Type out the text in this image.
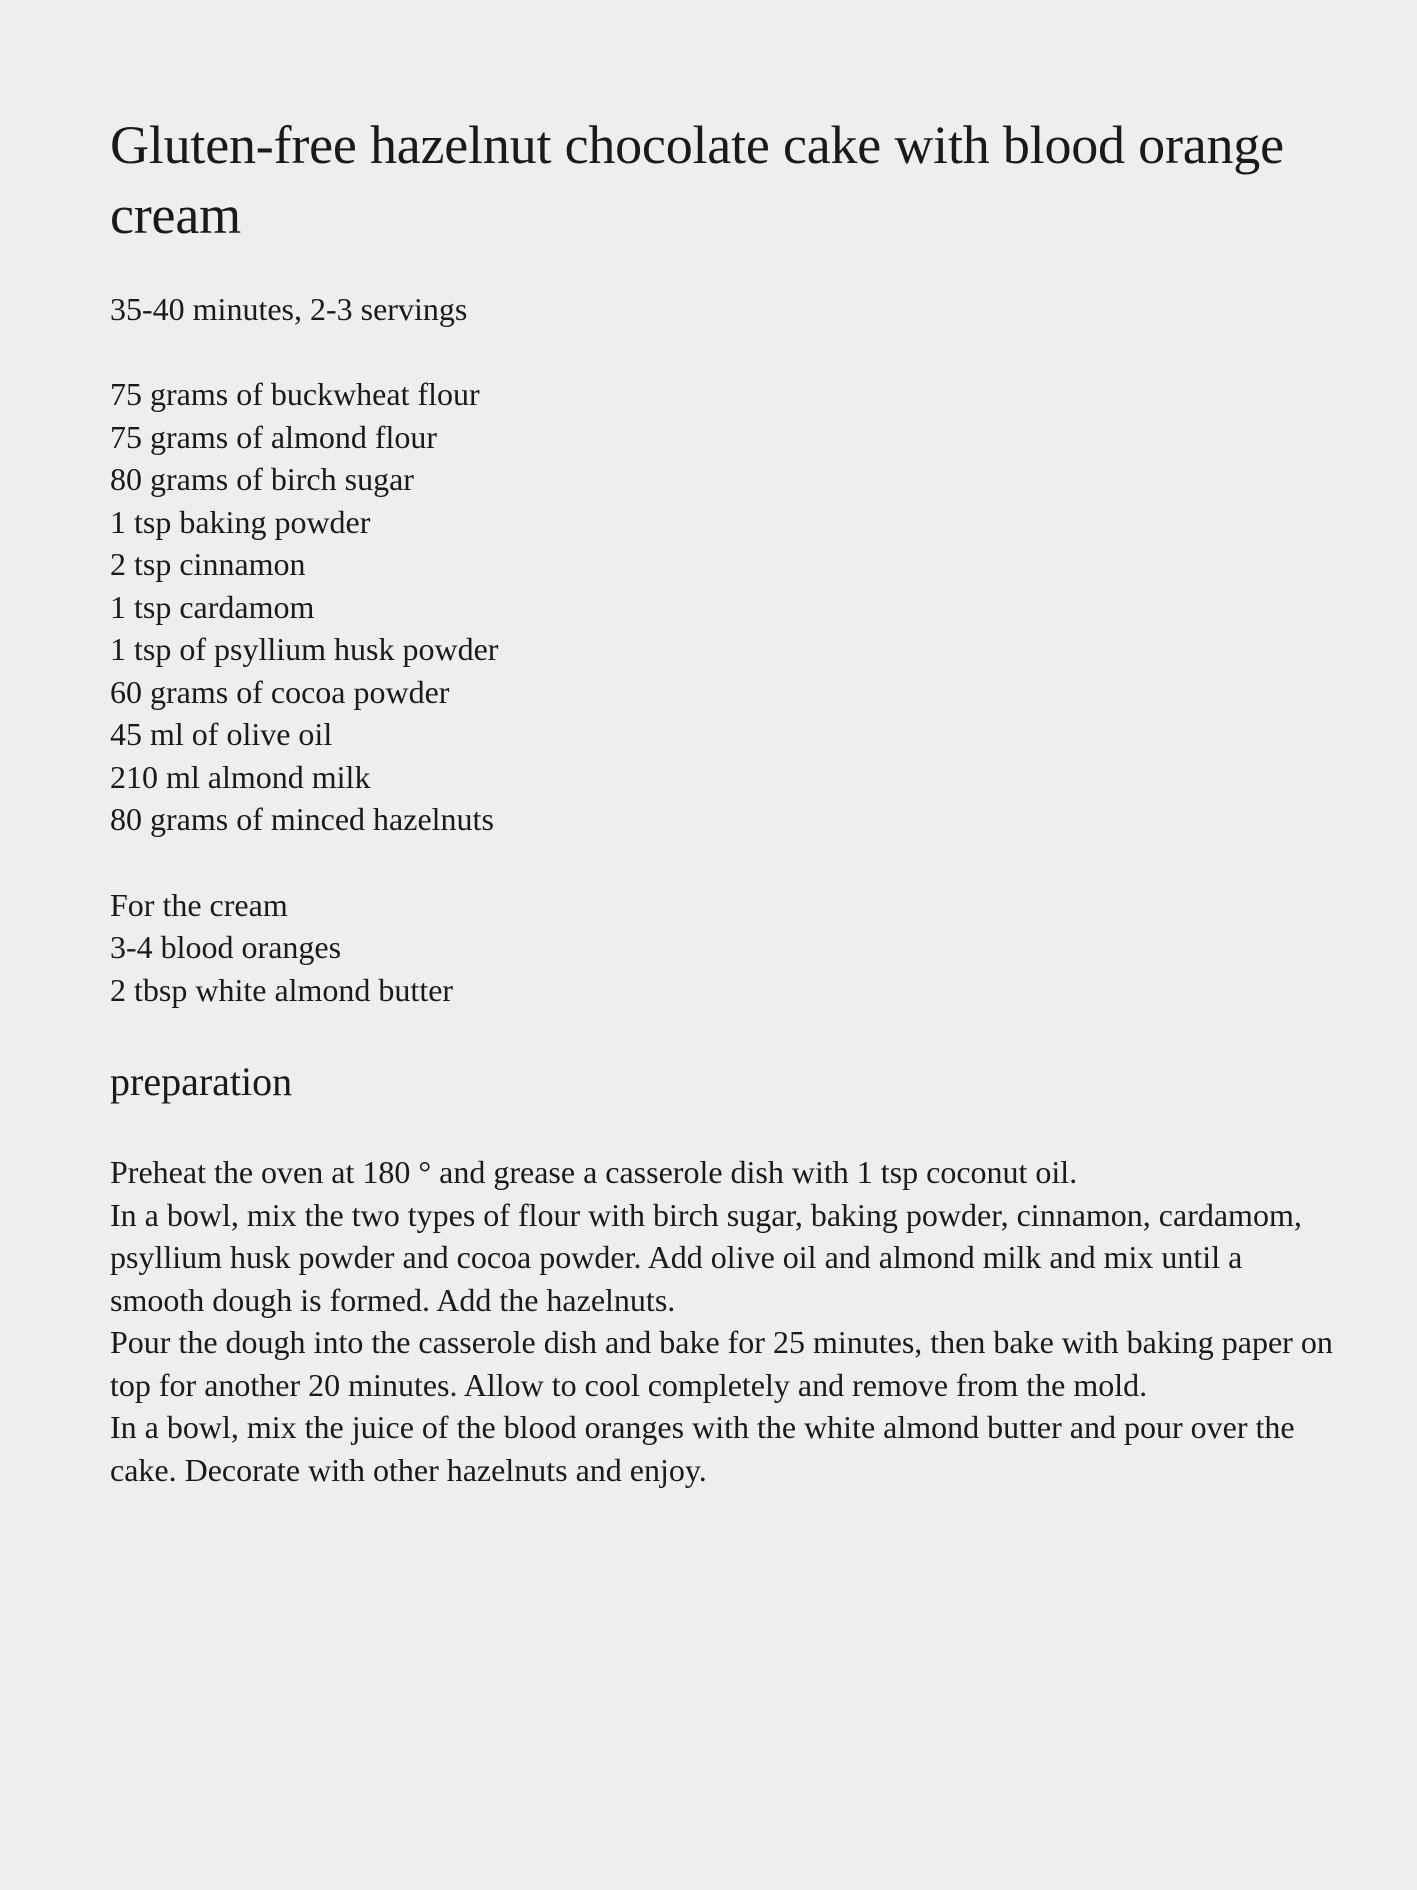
Gluten-free hazelnut chocolate cake with blood orange cream
35-40 minutes, 2-3 servings
75 grams of buckwheat flour
75 grams of almond flour
80 grams of birch sugar
1 tsp baking powder
2 tsp cinnamon
1 tsp cardamom
1 tsp of psyllium husk powder
60 grams of cocoa powder
45 ml of olive oil
210 ml almond milk
80 grams of minced hazelnuts
For the cream
3-4 blood oranges
2 tbsp white almond butter
preparation

Preheat the oven at 180 ° and grease a casserole dish with 1 tsp coconut oil.

In a bowl, mix the two types of flour with birch sugar, baking powder, cinnamon, cardamom, psyllium husk powder and cocoa powder. Add olive oil and almond milk and mix until a smooth dough is formed. Add the hazelnuts.

Pour the dough into the casserole dish and bake for 25 minutes, then bake with baking paper on top for another 20 minutes. Allow to cool completely and remove from the mold.

In a bowl, mix the juice of the blood oranges with the white almond butter and pour over the cake. Decorate with other hazelnuts and enjoy.
